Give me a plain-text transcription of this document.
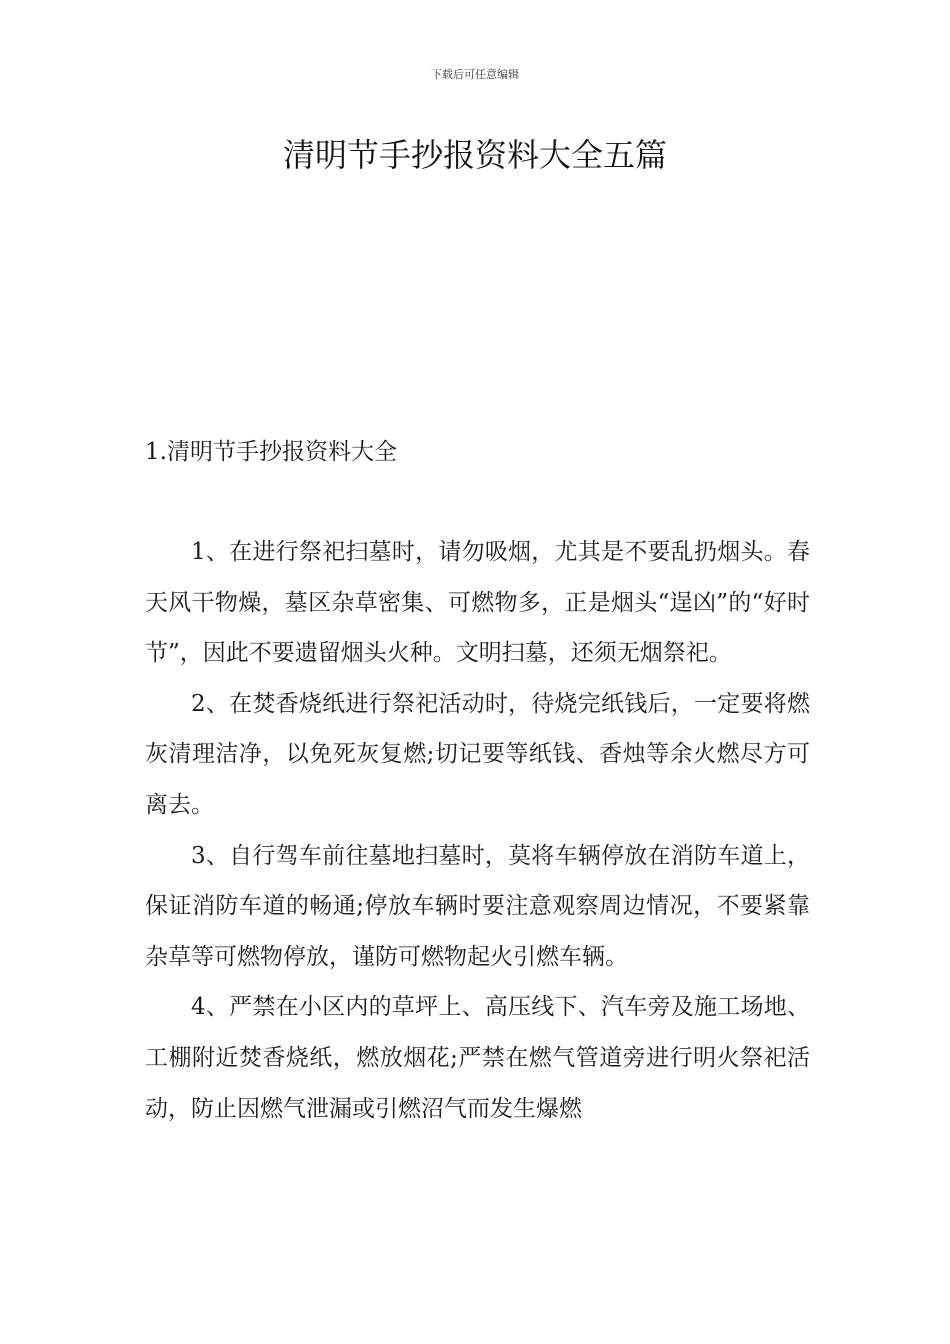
下载后可任意编辑
清明节手抄报资料大全五篇
1.清明节手抄报资料大全

1、在进行祭祀扫墓时，请勿吸烟，尤其是不要乱扔烟头。春天风干物燥，墓区杂草密集、可燃物多，正是烟头“逞凶”的“好时节”，因此不要遗留烟头火种。文明扫墓，还须无烟祭祀。

2、在焚香烧纸进行祭祀活动时，待烧完纸钱后，一定要将燃灰清理洁净，以免死灰复燃;切记要等纸钱、香烛等余火燃尽方可离去。

3、自行驾车前往墓地扫墓时，莫将车辆停放在消防车道上，保证消防车道的畅通;停放车辆时要注意观察周边情况，不要紧靠杂草等可燃物停放，谨防可燃物起火引燃车辆。

4、严禁在小区内的草坪上、高压线下、汽车旁及施工场地、工棚附近焚香烧纸，燃放烟花;严禁在燃气管道旁进行明火祭祀活动，防止因燃气泄漏或引燃沼气而发生爆燃
